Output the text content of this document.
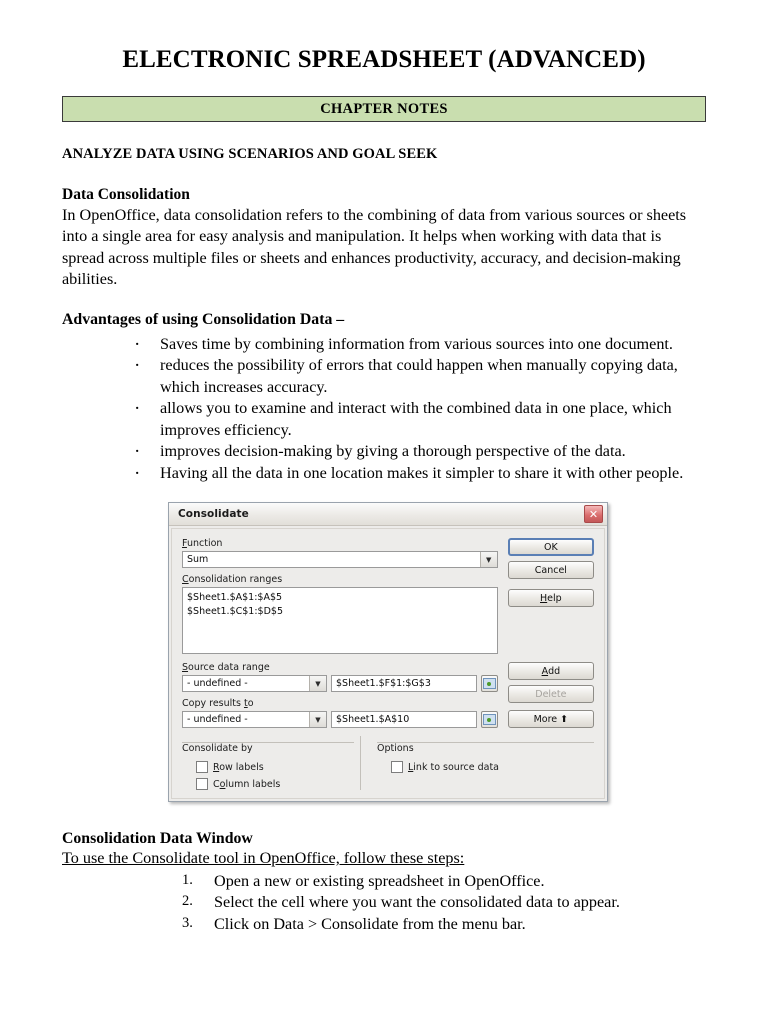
ELECTRONIC SPREADSHEET (ADVANCED)
CHAPTER NOTES
ANALYZE DATA USING SCENARIOS AND GOAL SEEK
Data Consolidation
In OpenOffice, data consolidation refers to the combining of data from various sources or sheets into a single area for easy analysis and manipulation. It helps when working with data that is spread across multiple files or sheets and enhances productivity, accuracy, and decision-making abilities.
Advantages of using Consolidation Data –
· Saves time by combining information from various sources into one document.
· reduces the possibility of errors that could happen when manually copying data, which increases accuracy.
· allows you to examine and interact with the combined data in one place, which improves efficiency.
· improves decision-making by giving a thorough perspective of the data.
· Having all the data in one location makes it simpler to share it with other people.
Consolidate	✕
Function
Sum	▼
Consolidation ranges
$Sheet1.$A$1:$A$5
$Sheet1.$C$1:$D$5
OK
Cancel
H elp
Source data range
- undefined -	▼	$Sheet1.$F$1:$G$3
Copy results to
- undefined -	▼	$Sheet1.$A$10
A dd
Delete
More ⬆
Consolidate by
Row labels
Column labels
Options
Link to source data
Consolidation Data Window
To use the Consolidate tool in OpenOffice, follow these steps:
Open a new or existing spreadsheet in OpenOffice.
Select the cell where you want the consolidated data to appear.
Click on Data > Consolidate from the menu bar.
